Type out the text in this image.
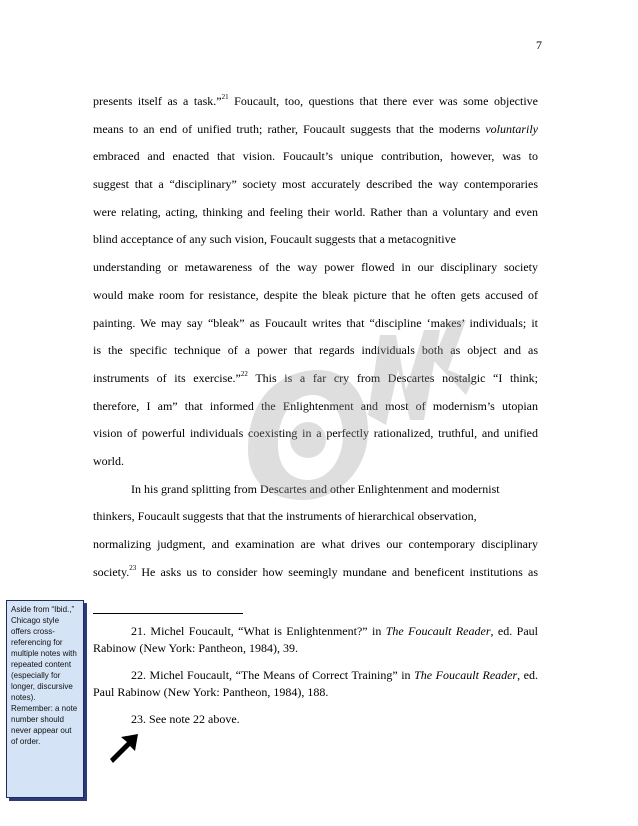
7
presents itself as a task.”$^{21}$ Foucault, too, questions that there ever was some objective
means to an end of unified truth; rather, Foucault suggests that the moderns voluntarily
embraced and enacted that vision. Foucault’s unique contribution, however, was to
suggest that a “disciplinary” society most accurately described the way contemporaries
were relating, acting, thinking and feeling their world. Rather than a voluntary and even
blind acceptance of any such vision, Foucault suggests that a metacognitive
understanding or metawareness of the way power flowed in our disciplinary society
would make room for resistance, despite the bleak picture that he often gets accused of
painting. We may say “bleak” as Foucault writes that “discipline ‘makes’ individuals; it
is the specific technique of a power that regards individuals both as object and as
instruments of its exercise.”$^{22}$ This is a far cry from Descartes nostalgic “I think;
therefore, I am” that informed the Enlightenment and most of modernism’s utopian
vision of powerful individuals coexisting in a perfectly rationalized, truthful, and unified
world.
In his grand splitting from Descartes and other Enlightenment and modernist
thinkers, Foucault suggests that that the instruments of hierarchical observation,
normalizing judgment, and examination are what drives our contemporary disciplinary
society.$^{23}$ He asks us to consider how seemingly mundane and beneficent institutions as

21. Michel Foucault, “What is Enlightenment?” in The Foucault Reader, ed. Paul Rabinow (New York: Pantheon, 1984), 39.

22. Michel Foucault, “The Means of Correct Training” in The Foucault Reader, ed. Paul Rabinow (New York: Pantheon, 1984), 188.

23. See note 22 above.

Aside from “Ibid.,” Chicago style offers cross-referencing for multiple notes with repeated content (especially for longer, discursive notes). Remember: a note number should never appear out of order.
